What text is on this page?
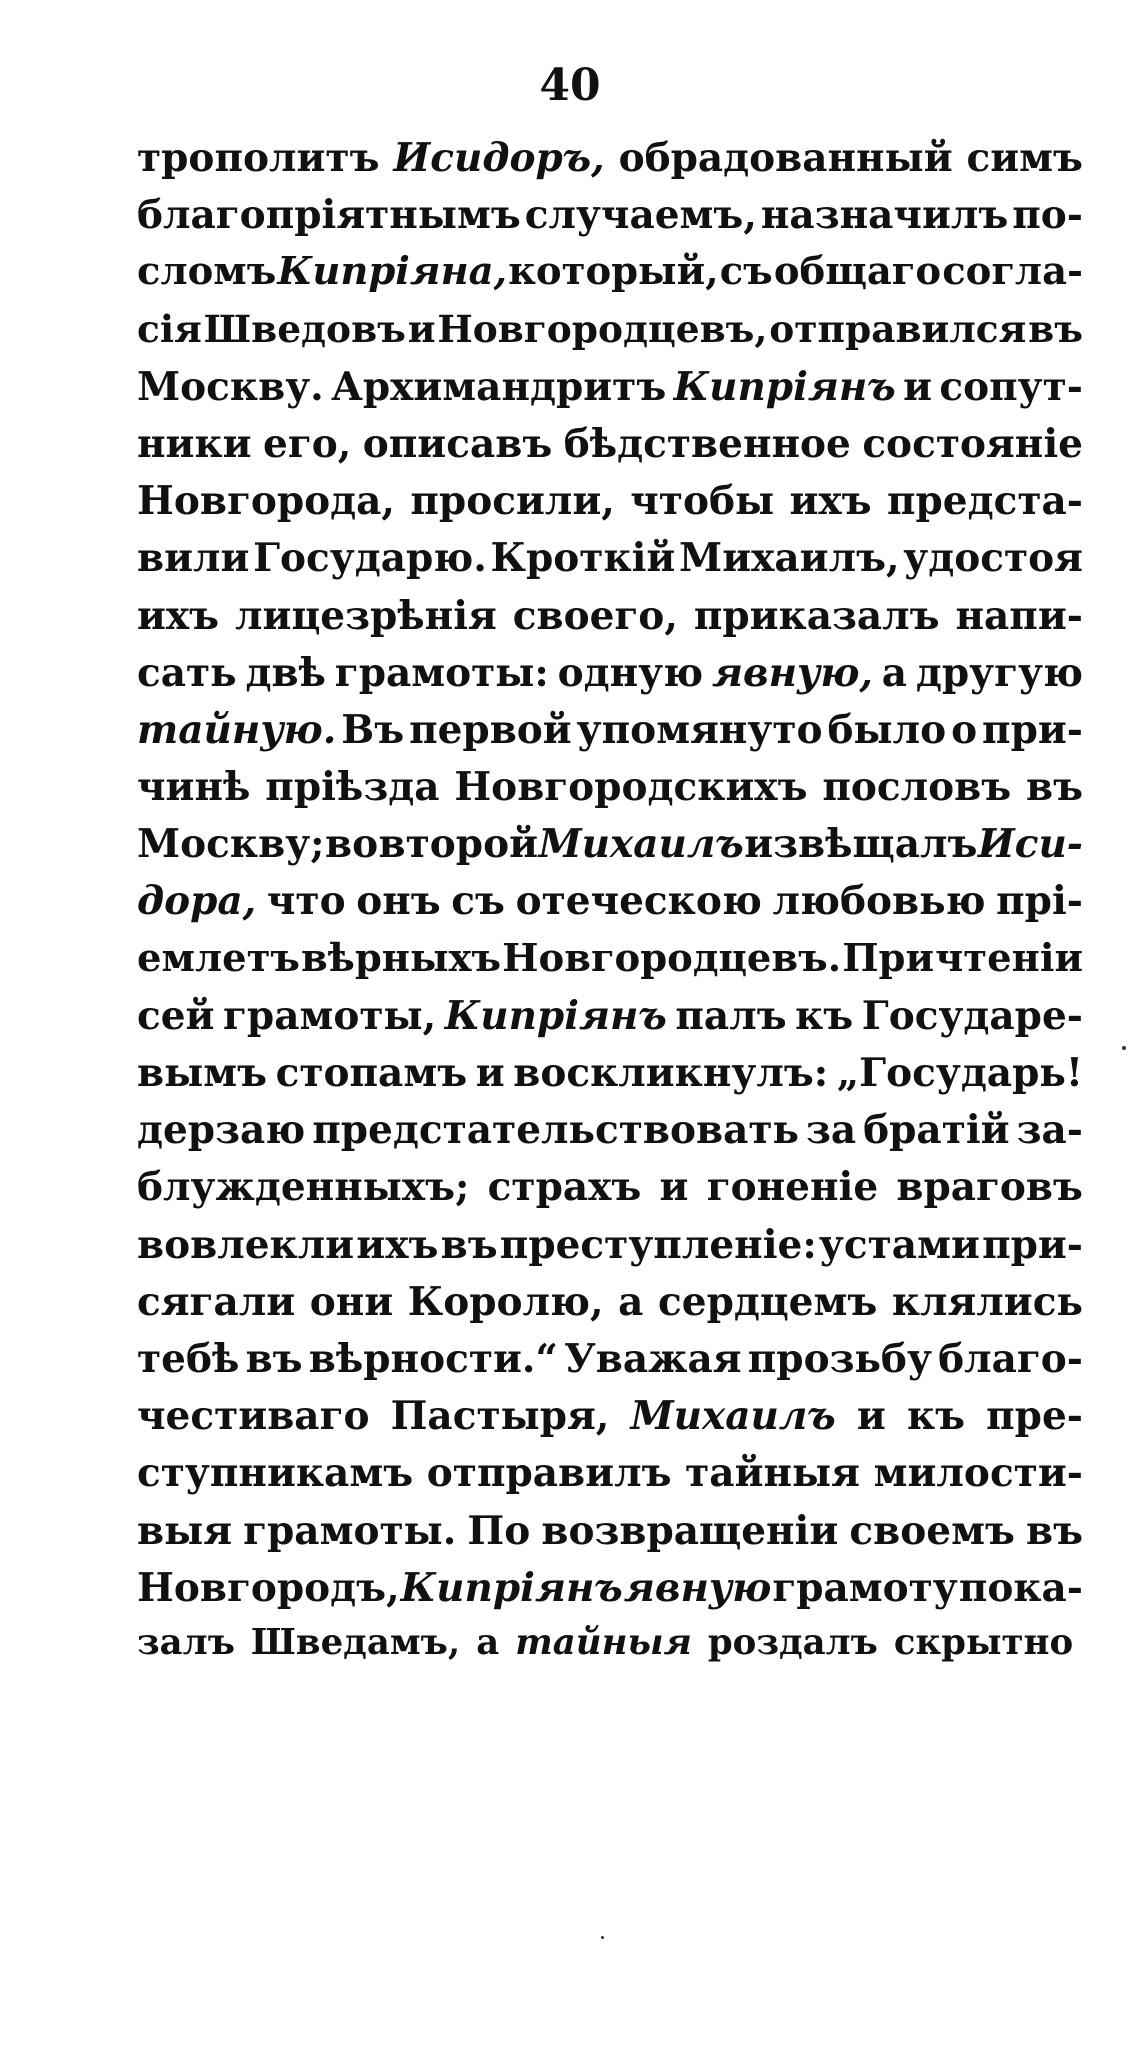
40
трополитъ Исидоръ, обрадованный симъ
благопріятнымъ случаемъ, назначилъ по-
сломъ Кипріяна, который, съ общаго согла-
сія Шведовъ и Новгородцевъ, отправился въ
Москву. Архимандритъ Кипріянъ и сопут-
ники его, описавъ бѣдственное состояніе
Новгорода, просили, чтобы ихъ предста-
вили Государю. Кроткій Михаилъ, удостоя
ихъ лицезрѣнія своего, приказалъ напи-
сать двѣ грамоты: одную явную, а другую
тайную. Въ первой упомянуто было о при-
чинѣ пріѣзда Новгородскихъ пословъ въ
Москву; во второй Михаилъ извѣщалъ Иси-
дора, что онъ съ отеческою любовью прі-
емлетъ вѣрныхъ Новгородцевъ. При чтеніи
сей грамоты, Кипріянъ палъ къ Государе-
вымъ стопамъ и воскликнулъ: „Государь!
дерзаю предстательствовать за братій за-
блужденныхъ; страхъ и гоненіе враговъ
вовлекли ихъ въ преступленіе: устами при-
сягали они Королю, а сердцемъ клялись
тебѣ въ вѣрности.“ Уважая прозьбу благо-
честиваго Пастыря, Михаилъ и къ пре-
ступникамъ отправилъ тайныя милости-
выя грамоты. По возвращеніи своемъ въ
Новгородъ, Кипріянъ явную грамоту пока-
залъ Шведамъ, а тайныя роздалъ скрытно
